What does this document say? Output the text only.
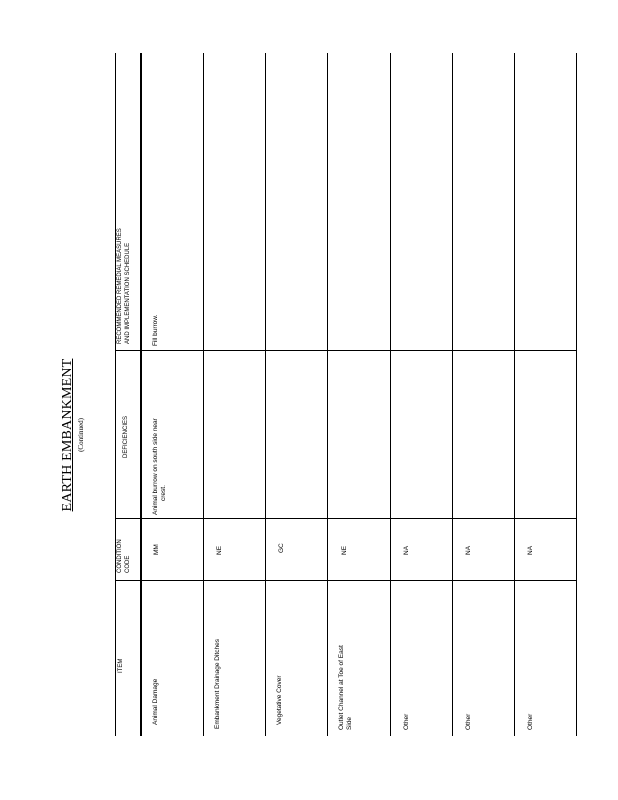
EARTH EMBANKMENT (Continued)
ITEM
CONDITION CODE
DEFICIENCIES
RECOMMENDED REMEDIAL MEASURES AND IMPLEMENTATION SCHEDULE
Animal Damage
MM
Animal burrow on south side near
crest.
Fill burrow.
Embankment Drainage Ditches
NE
Vegetative Cover
GC
Outlet Channel at Toe of East
Side
NE
Other
NA
Other
NA
Other
NA
